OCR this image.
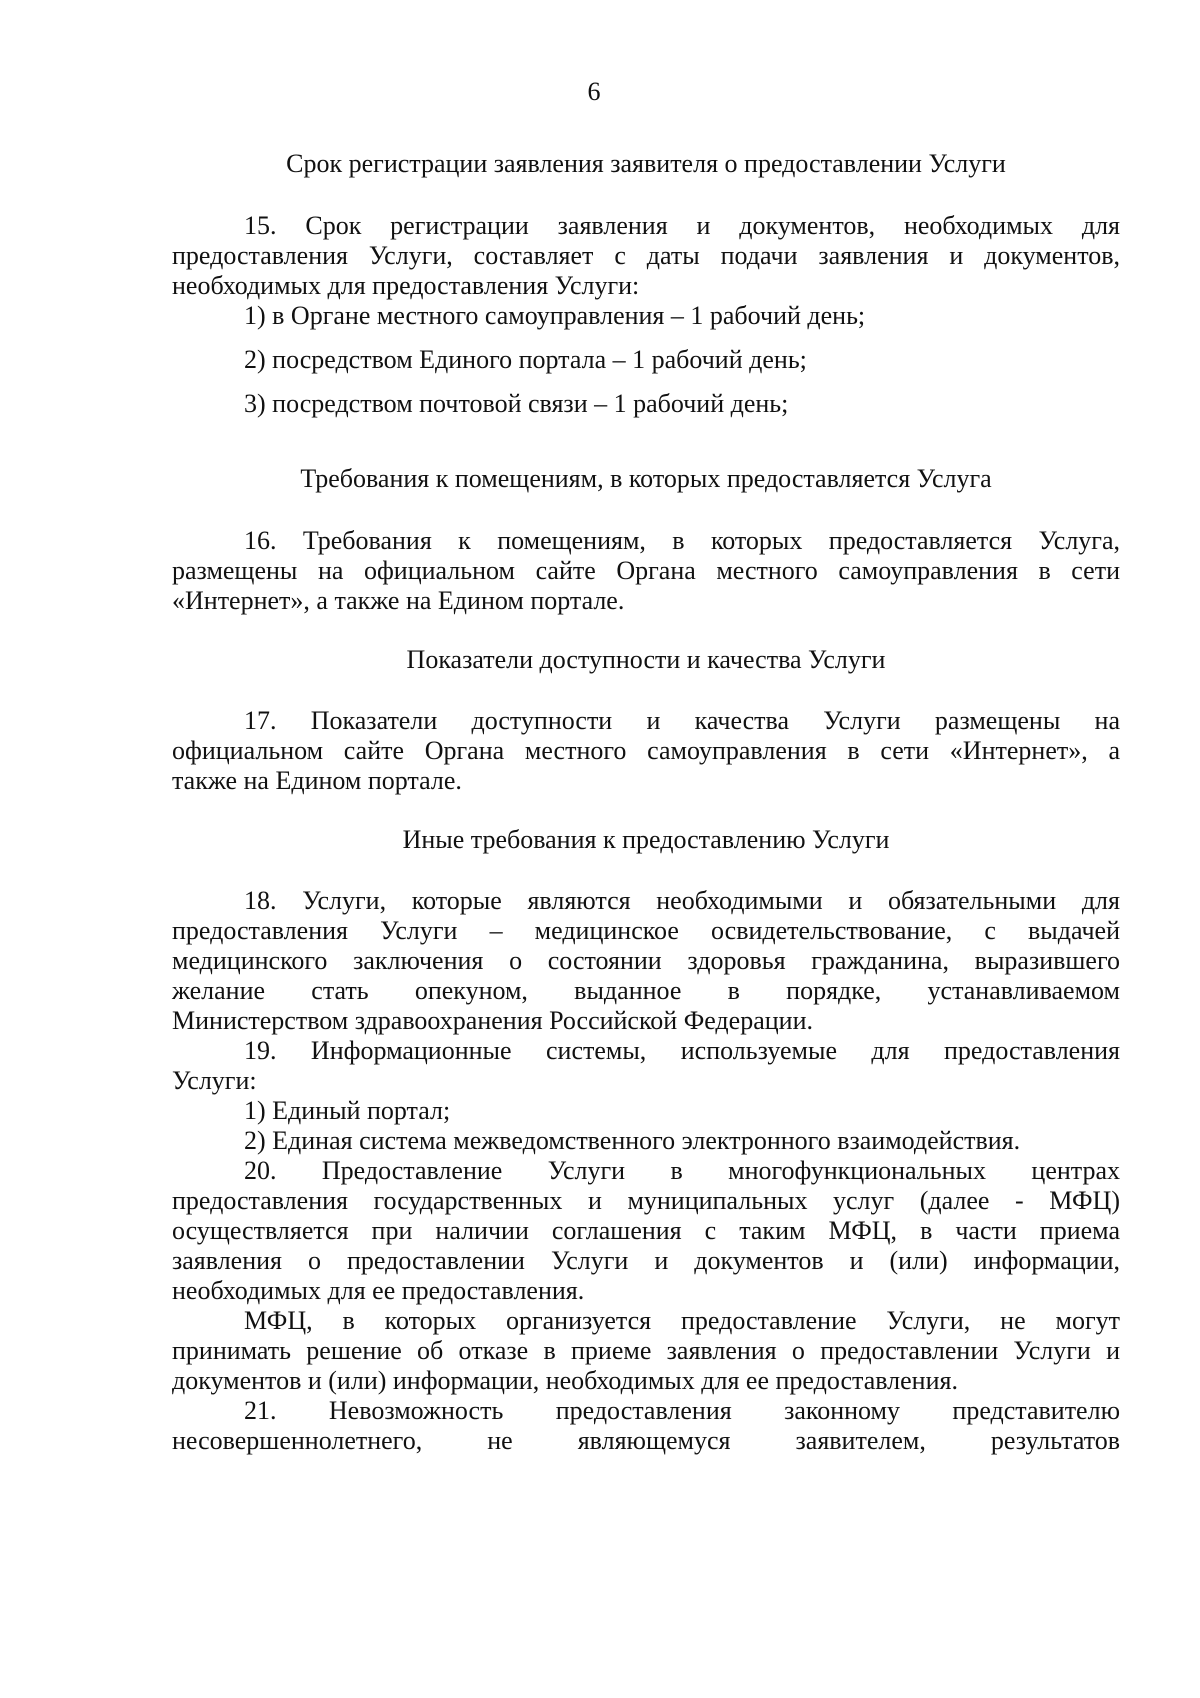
6
Срок регистрации заявления заявителя о предоставлении Услуги
15. Срок регистрации заявления и документов, необходимых для
предоставления Услуги, составляет с даты подачи заявления и документов,
необходимых для предоставления Услуги:
1) в Органе местного самоуправления – 1 рабочий день;
2) посредством Единого портала – 1 рабочий день;
3) посредством почтовой связи – 1 рабочий день;
Требования к помещениям, в которых предоставляется Услуга
16. Требования к помещениям, в которых предоставляется Услуга,
размещены на официальном сайте Органа местного самоуправления в сети
«Интернет», а также на Едином портале.
Показатели доступности и качества Услуги
17. Показатели доступности и качества Услуги размещены на
официальном сайте Органа местного самоуправления в сети «Интернет», а
также на Едином портале.
Иные требования к предоставлению Услуги
18. Услуги, которые являются необходимыми и обязательными для
предоставления Услуги – медицинское освидетельствование, с выдачей
медицинского заключения о состоянии здоровья гражданина, выразившего
желание стать опекуном, выданное в порядке, устанавливаемом
Министерством здравоохранения Российской Федерации.
19. Информационные системы, используемые для предоставления
Услуги:
1) Единый портал;
2) Единая система межведомственного электронного взаимодействия.
20. Предоставление Услуги в многофункциональных центрах
предоставления государственных и муниципальных услуг (далее - МФЦ)
осуществляется при наличии соглашения с таким МФЦ, в части приема
заявления о предоставлении Услуги и документов и (или) информации,
необходимых для ее предоставления.
МФЦ, в которых организуется предоставление Услуги, не могут
принимать решение об отказе в приеме заявления о предоставлении Услуги и
документов и (или) информации, необходимых для ее предоставления.
21. Невозможность предоставления законному представителю
несовершеннолетнего, не являющемуся заявителем, результатов
